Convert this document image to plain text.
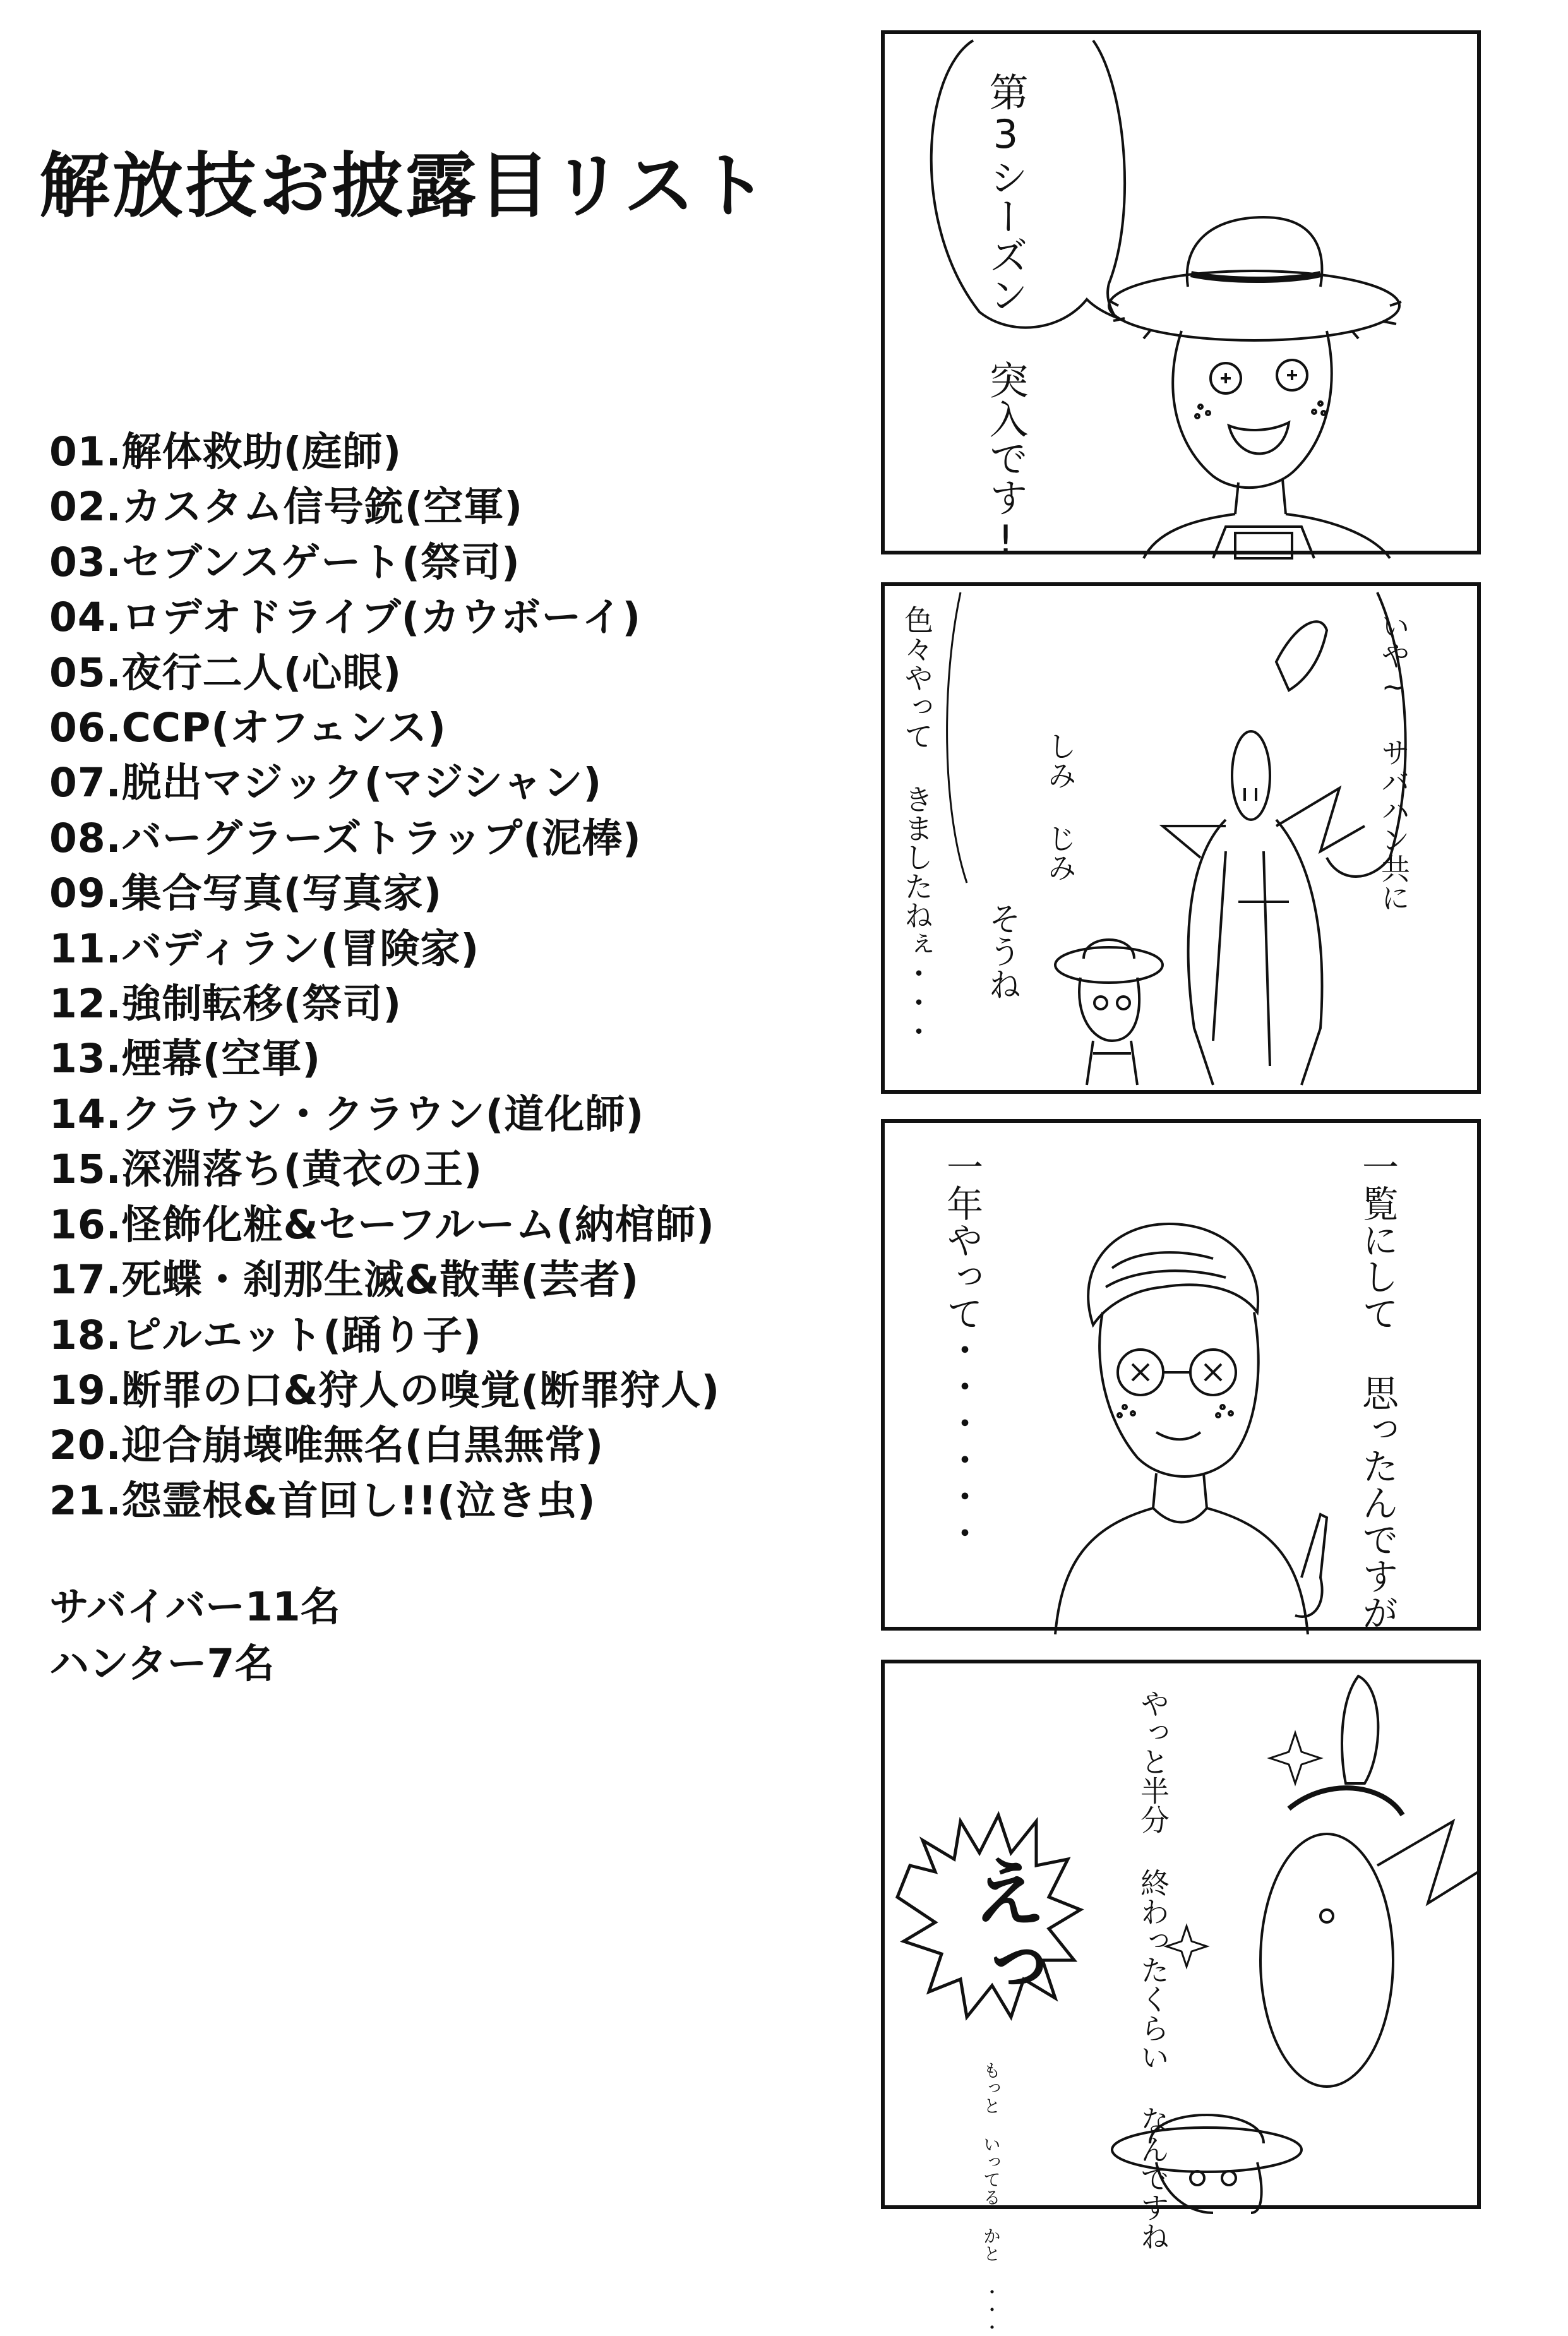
解放技お披露目リスト
01.解体救助(庭師)
02.カスタム信号銃(空軍)
03.セブンスゲート(祭司)
04.ロデオドライブ(カウボーイ)
05.夜行二人(心眼)
06.CCP(オフェンス)
07.脱出マジック(マジシャン)
08.バーグラーズトラップ(泥棒)
09.集合写真(写真家)
11.バディラン(冒険家)
12.強制転移(祭司)
13.煙幕(空軍)
14.クラウン・クラウン(道化師)
15.深淵落ち(黄衣の王)
16.怪飾化粧&セーフルーム(納棺師)
17.死蝶・刹那生滅&散華(芸者)
18.ピルエット(踊り子)
19.断罪の口&狩人の嗅覚(断罪狩人)
20.迎合崩壊唯無名(白黒無常)
21.怨霊根&首回し!!(泣き虫)
サバイバー11名
ハンター7名
第3シーズン 突入です!
いや~ サバハン共に
色々やって きましたねぇ・・・
しみ じみ
そうね
一覧にして 思ったんですが
一年やって・・・・・・
やっと半分 終わったくらい なんですね
えっ
もっと いってる かと ・・・
